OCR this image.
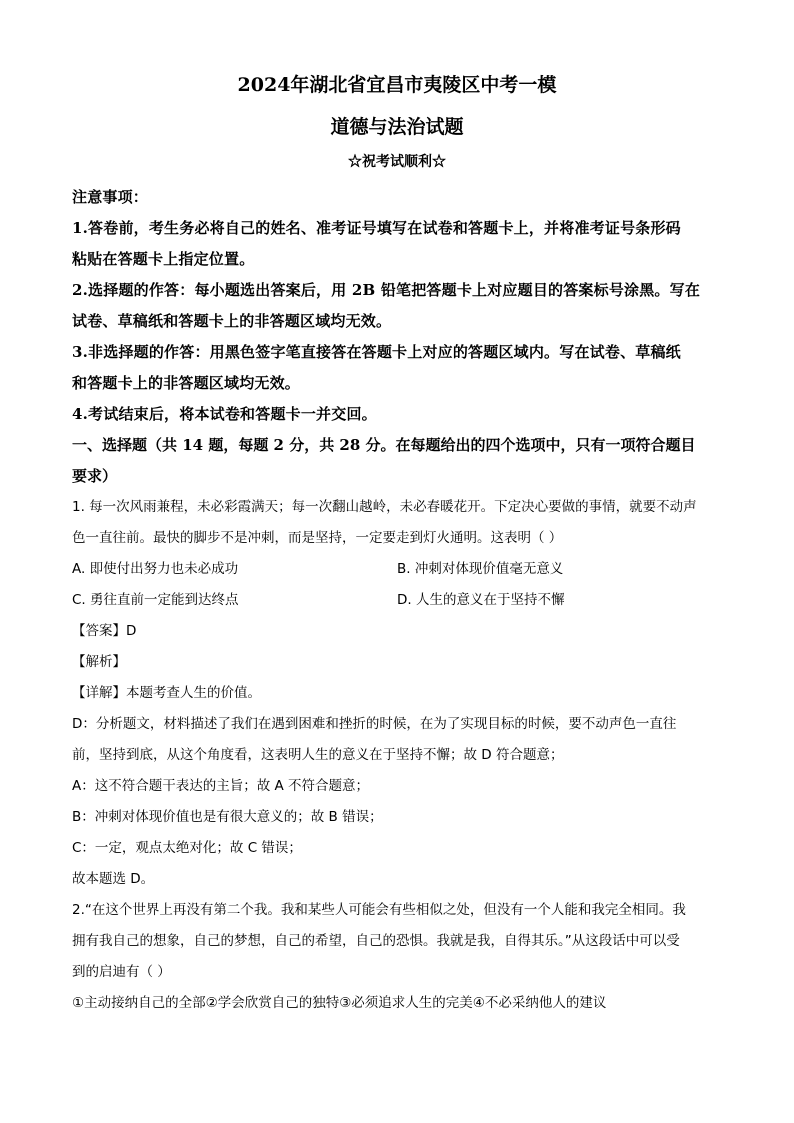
2024年湖北省宜昌市夷陵区中考一模
道德与法治试题
☆祝考试顺利☆
注意事项：
1.答卷前，考生务必将自己的姓名、准考证号填写在试卷和答题卡上，并将准考证号条形码
粘贴在答题卡上指定位置。
2.选择题的作答：每小题选出答案后，用 2B 铅笔把答题卡上对应题目的答案标号涂黑。写在
试卷、草稿纸和答题卡上的非答题区域均无效。
3.非选择题的作答：用黑色签字笔直接答在答题卡上对应的答题区域内。写在试卷、草稿纸
和答题卡上的非答题区域均无效。
4.考试结束后，将本试卷和答题卡一并交回。
一、选择题（共 14 题，每题 2 分，共 28 分。在每题给出的四个选项中，只有一项符合题目
要求）
1. 每一次风雨兼程，未必彩霞满天；每一次翻山越岭，未必春暖花开。下定决心要做的事情，就要不动声
色一直往前。最快的脚步不是冲刺，而是坚持，一定要走到灯火通明。这表明（ ）
A. 即使付出努力也未必成功	B. 冲刺对体现价值毫无意义
C. 勇往直前一定能到达终点	D. 人生的意义在于坚持不懈
【答案】D
【解析】
【详解】本题考查人生的价值。
D：分析题文，材料描述了我们在遇到困难和挫折的时候，在为了实现目标的时候，要不动声色一直往
前，坚持到底，从这个角度看，这表明人生的意义在于坚持不懈；故 D 符合题意；
A：这不符合题干表达的主旨；故 A 不符合题意；
B：冲刺对体现价值也是有很大意义的；故 B 错误；
C：一定，观点太绝对化；故 C 错误；
故本题选 D。
2.“在这个世界上再没有第二个我。我和某些人可能会有些相似之处，但没有一个人能和我完全相同。我
拥有我自己的想象，自己的梦想，自己的希望，自己的恐惧。我就是我，自得其乐。”从这段话中可以受
到的启迪有（ ）
①主动接纳自己的全部②学会欣赏自己的独特③必须追求人生的完美④不必采纳他人的建议
